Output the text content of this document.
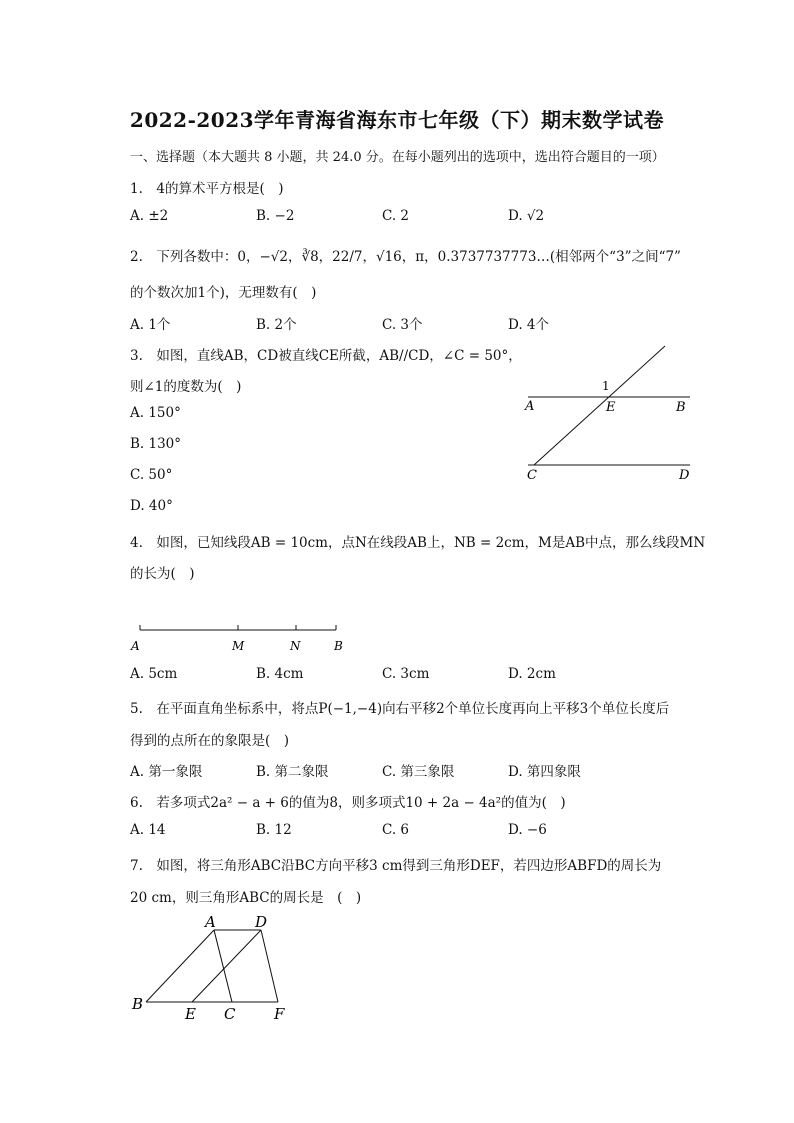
2022-2023学年青海省海东市七年级（下）期末数学试卷
一、选择题（本大题共 8 小题，共 24.0 分。在每小题列出的选项中，选出符合题目的一项）
1.　4的算术平方根是(　)
A. ±2	B. −2	C. 2	D. √2
2.　下列各数中：0，−√2，∛8，22/7，√16，π，0.3737737773…(相邻两个“3”之间“7”
的个数次加1个)，无理数有(　)
A. 1个	B. 2个	C. 3个	D. 4个
3.　如图，直线AB，CD被直线CE所截，AB//CD，∠C = 50°，
则∠1的度数为(　)
A. 150°
B. 130°
C. 50°
D. 40°
1
A	E	B
C	D
4.　如图，已知线段AB = 10cm，点N在线段AB上，NB = 2cm，M是AB中点，那么线段MN
的长为(　)
A	M	N	B
A. 5cm	B. 4cm	C. 3cm	D. 2cm
5.　在平面直角坐标系中，将点P(−1,−4)向右平移2个单位长度再向上平移3个单位长度后
得到的点所在的象限是(　)
A. 第一象限	B. 第二象限	C. 第三象限	D. 第四象限
6.　若多项式2a² − a + 6的值为8，则多项式10 + 2a − 4a²的值为(　)
A. 14	B. 12	C. 6	D. −6
7.　如图，将三角形ABC沿BC方向平移3 cm得到三角形DEF，若四边形ABFD的周长为
20 cm，则三角形ABC的周长是　(　)
A	D
B
E C	F
